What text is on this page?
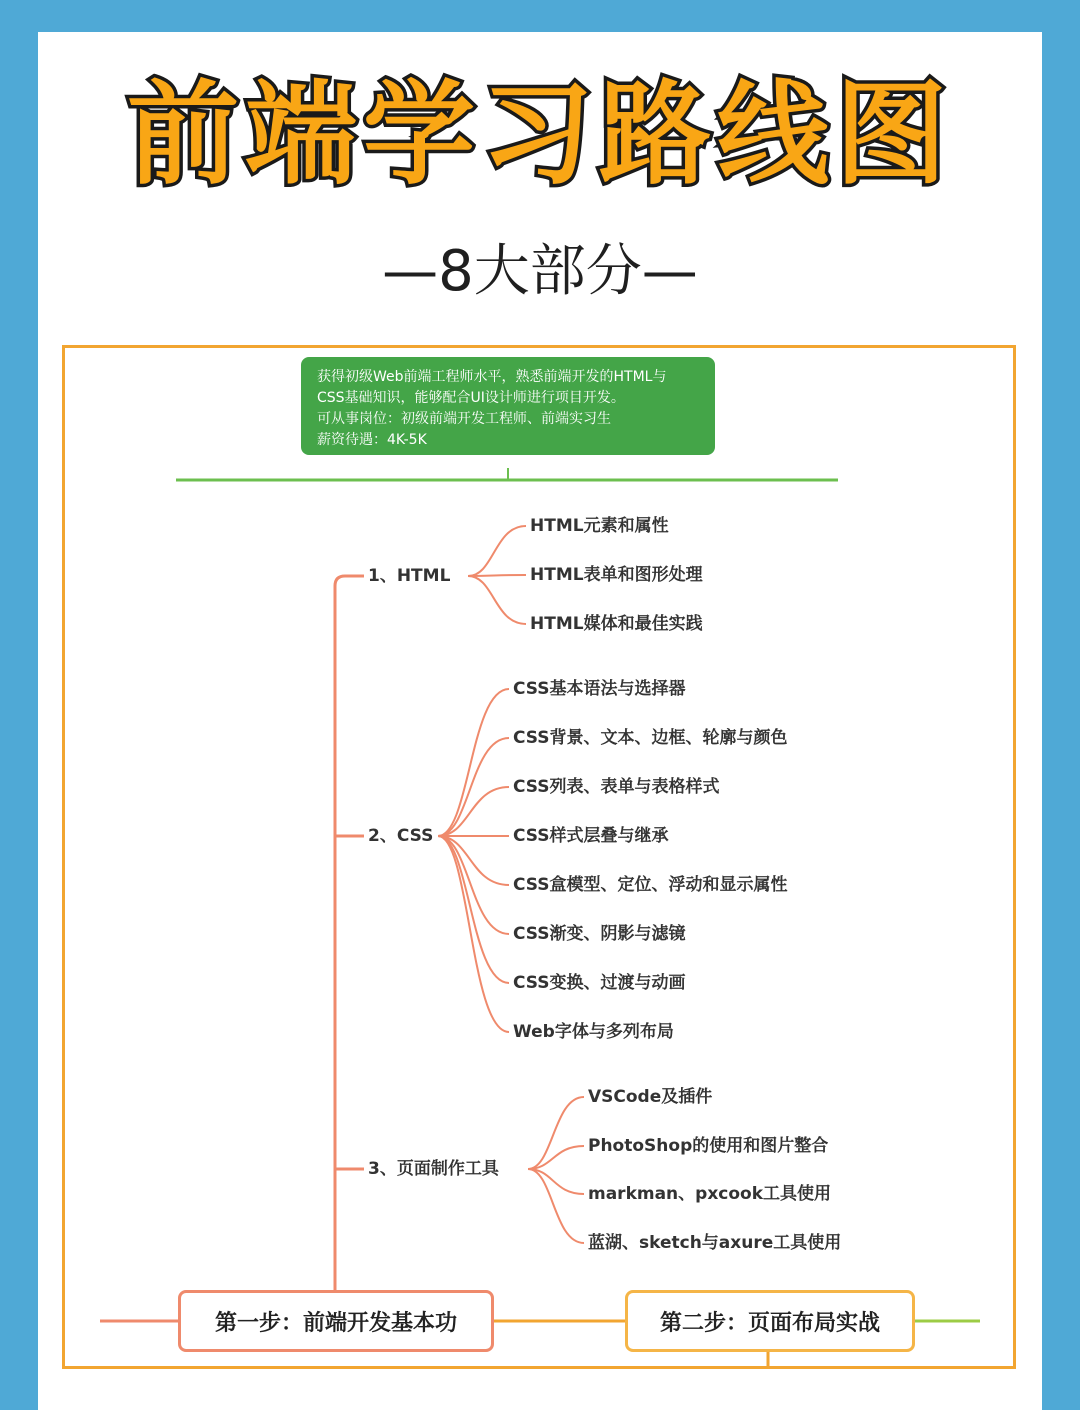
前端学习路线图
—8大部分—
获得初级Web前端工程师水平，熟悉前端开发的HTML与
CSS基础知识，能够配合UI设计师进行项目开发。
可从事岗位：初级前端开发工程师、前端实习生
薪资待遇：4K-5K
1、HTML
2、CSS
3、页面制作工具
HTML元素和属性
HTML表单和图形处理
HTML媒体和最佳实践
CSS基本语法与选择器
CSS背景、文本、边框、轮廓与颜色
CSS列表、表单与表格样式
CSS样式层叠与继承
CSS盒模型、定位、浮动和显示属性
CSS渐变、阴影与滤镜
CSS变换、过渡与动画
Web字体与多列布局
VSCode及插件
PhotoShop的使用和图片整合
markman、pxcook工具使用
蓝湖、sketch与axure工具使用
第一步：前端开发基本功	第二步：页面布局实战
